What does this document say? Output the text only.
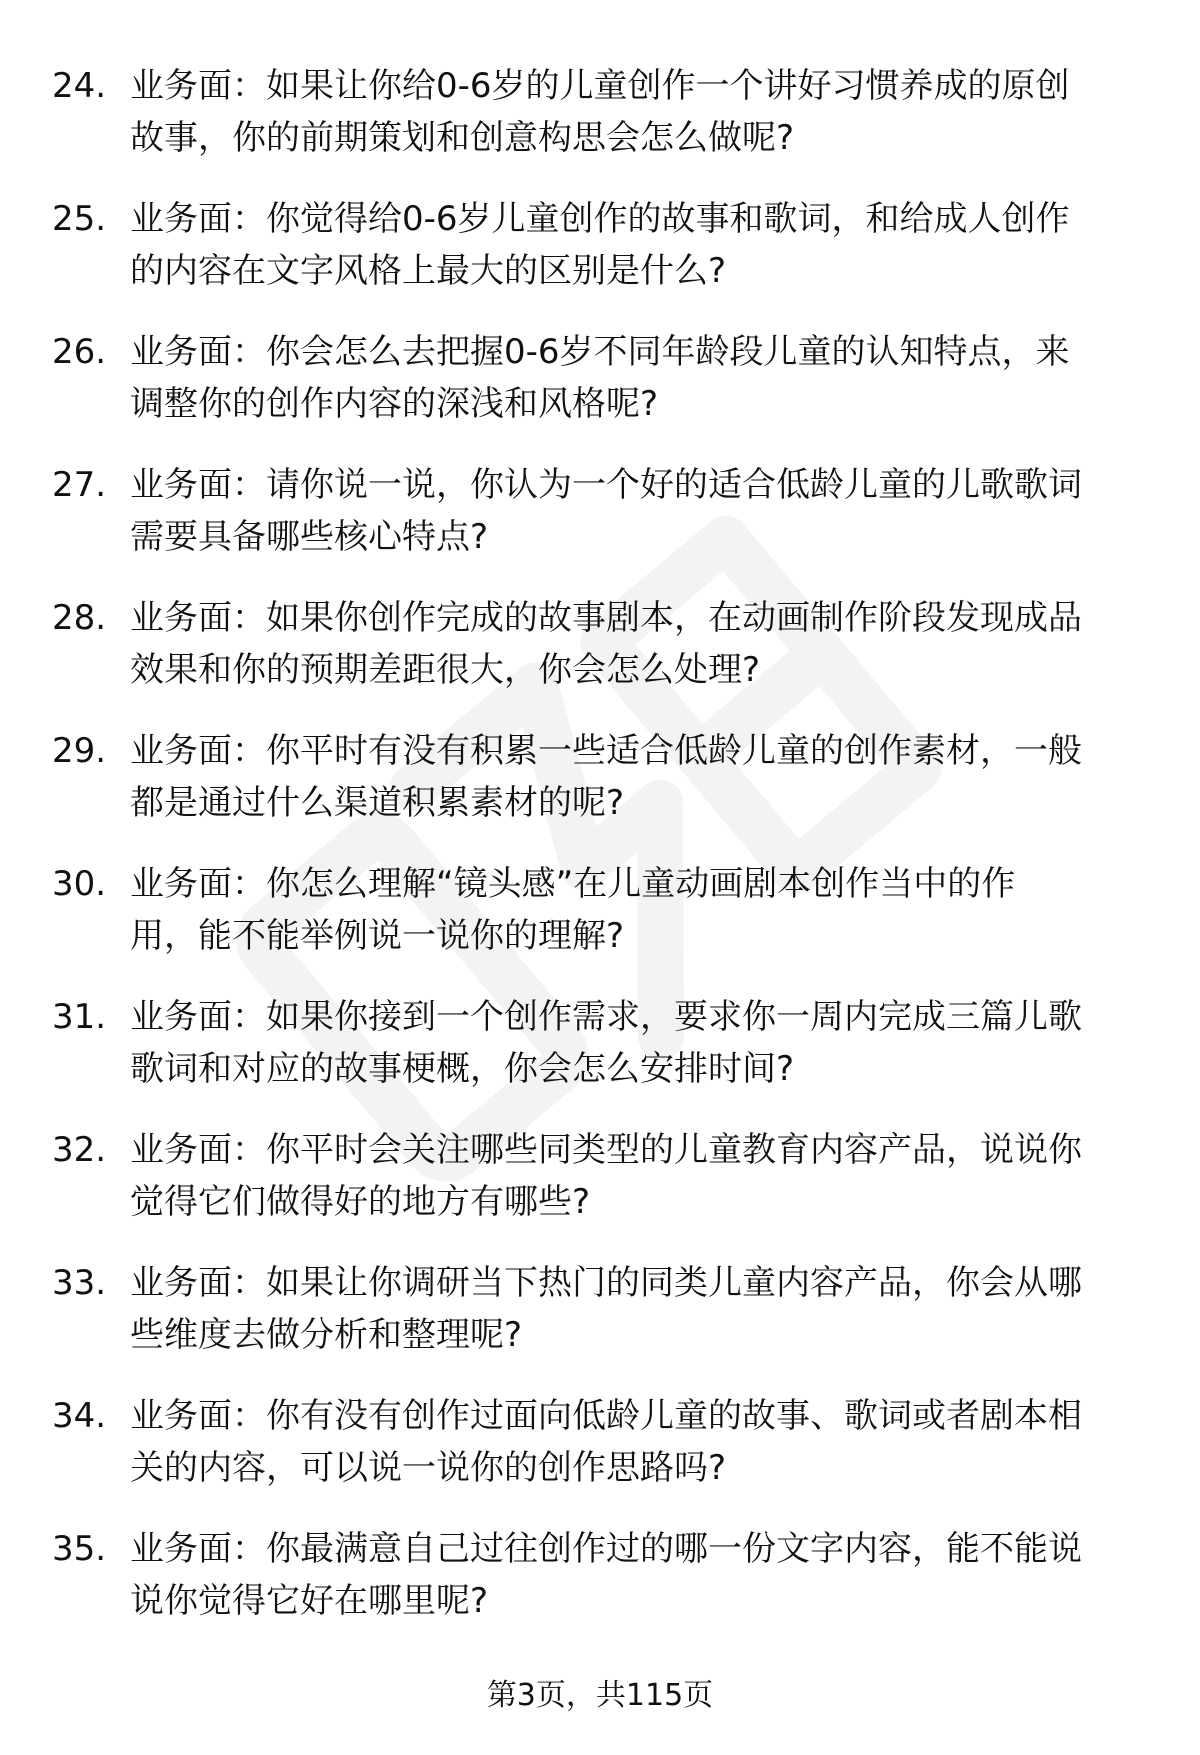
24. 业务面：如果让你给0-6岁的儿童创作一个讲好习惯养成的原创
故事，你的前期策划和创意构思会怎么做呢?
25. 业务面：你觉得给0-6岁儿童创作的故事和歌词，和给成人创作
的内容在文字风格上最大的区别是什么?
26. 业务面：你会怎么去把握0-6岁不同年龄段儿童的认知特点，来
调整你的创作内容的深浅和风格呢?
27. 业务面：请你说一说，你认为一个好的适合低龄儿童的儿歌歌词
需要具备哪些核心特点?
28. 业务面：如果你创作完成的故事剧本，在动画制作阶段发现成品
效果和你的预期差距很大，你会怎么处理?
29. 业务面：你平时有没有积累一些适合低龄儿童的创作素材，一般
都是通过什么渠道积累素材的呢?
30. 业务面：你怎么理解“镜头感”在儿童动画剧本创作当中的作
用，能不能举例说一说你的理解?
31. 业务面：如果你接到一个创作需求，要求你一周内完成三篇儿歌
歌词和对应的故事梗概，你会怎么安排时间?
32. 业务面：你平时会关注哪些同类型的儿童教育内容产品，说说你
觉得它们做得好的地方有哪些?
33. 业务面：如果让你调研当下热门的同类儿童内容产品，你会从哪
些维度去做分析和整理呢?
34. 业务面：你有没有创作过面向低龄儿童的故事、歌词或者剧本相
关的内容，可以说一说你的创作思路吗?
35. 业务面：你最满意自己过往创作过的哪一份文字内容，能不能说
说你觉得它好在哪里呢?
第3页，共115页
